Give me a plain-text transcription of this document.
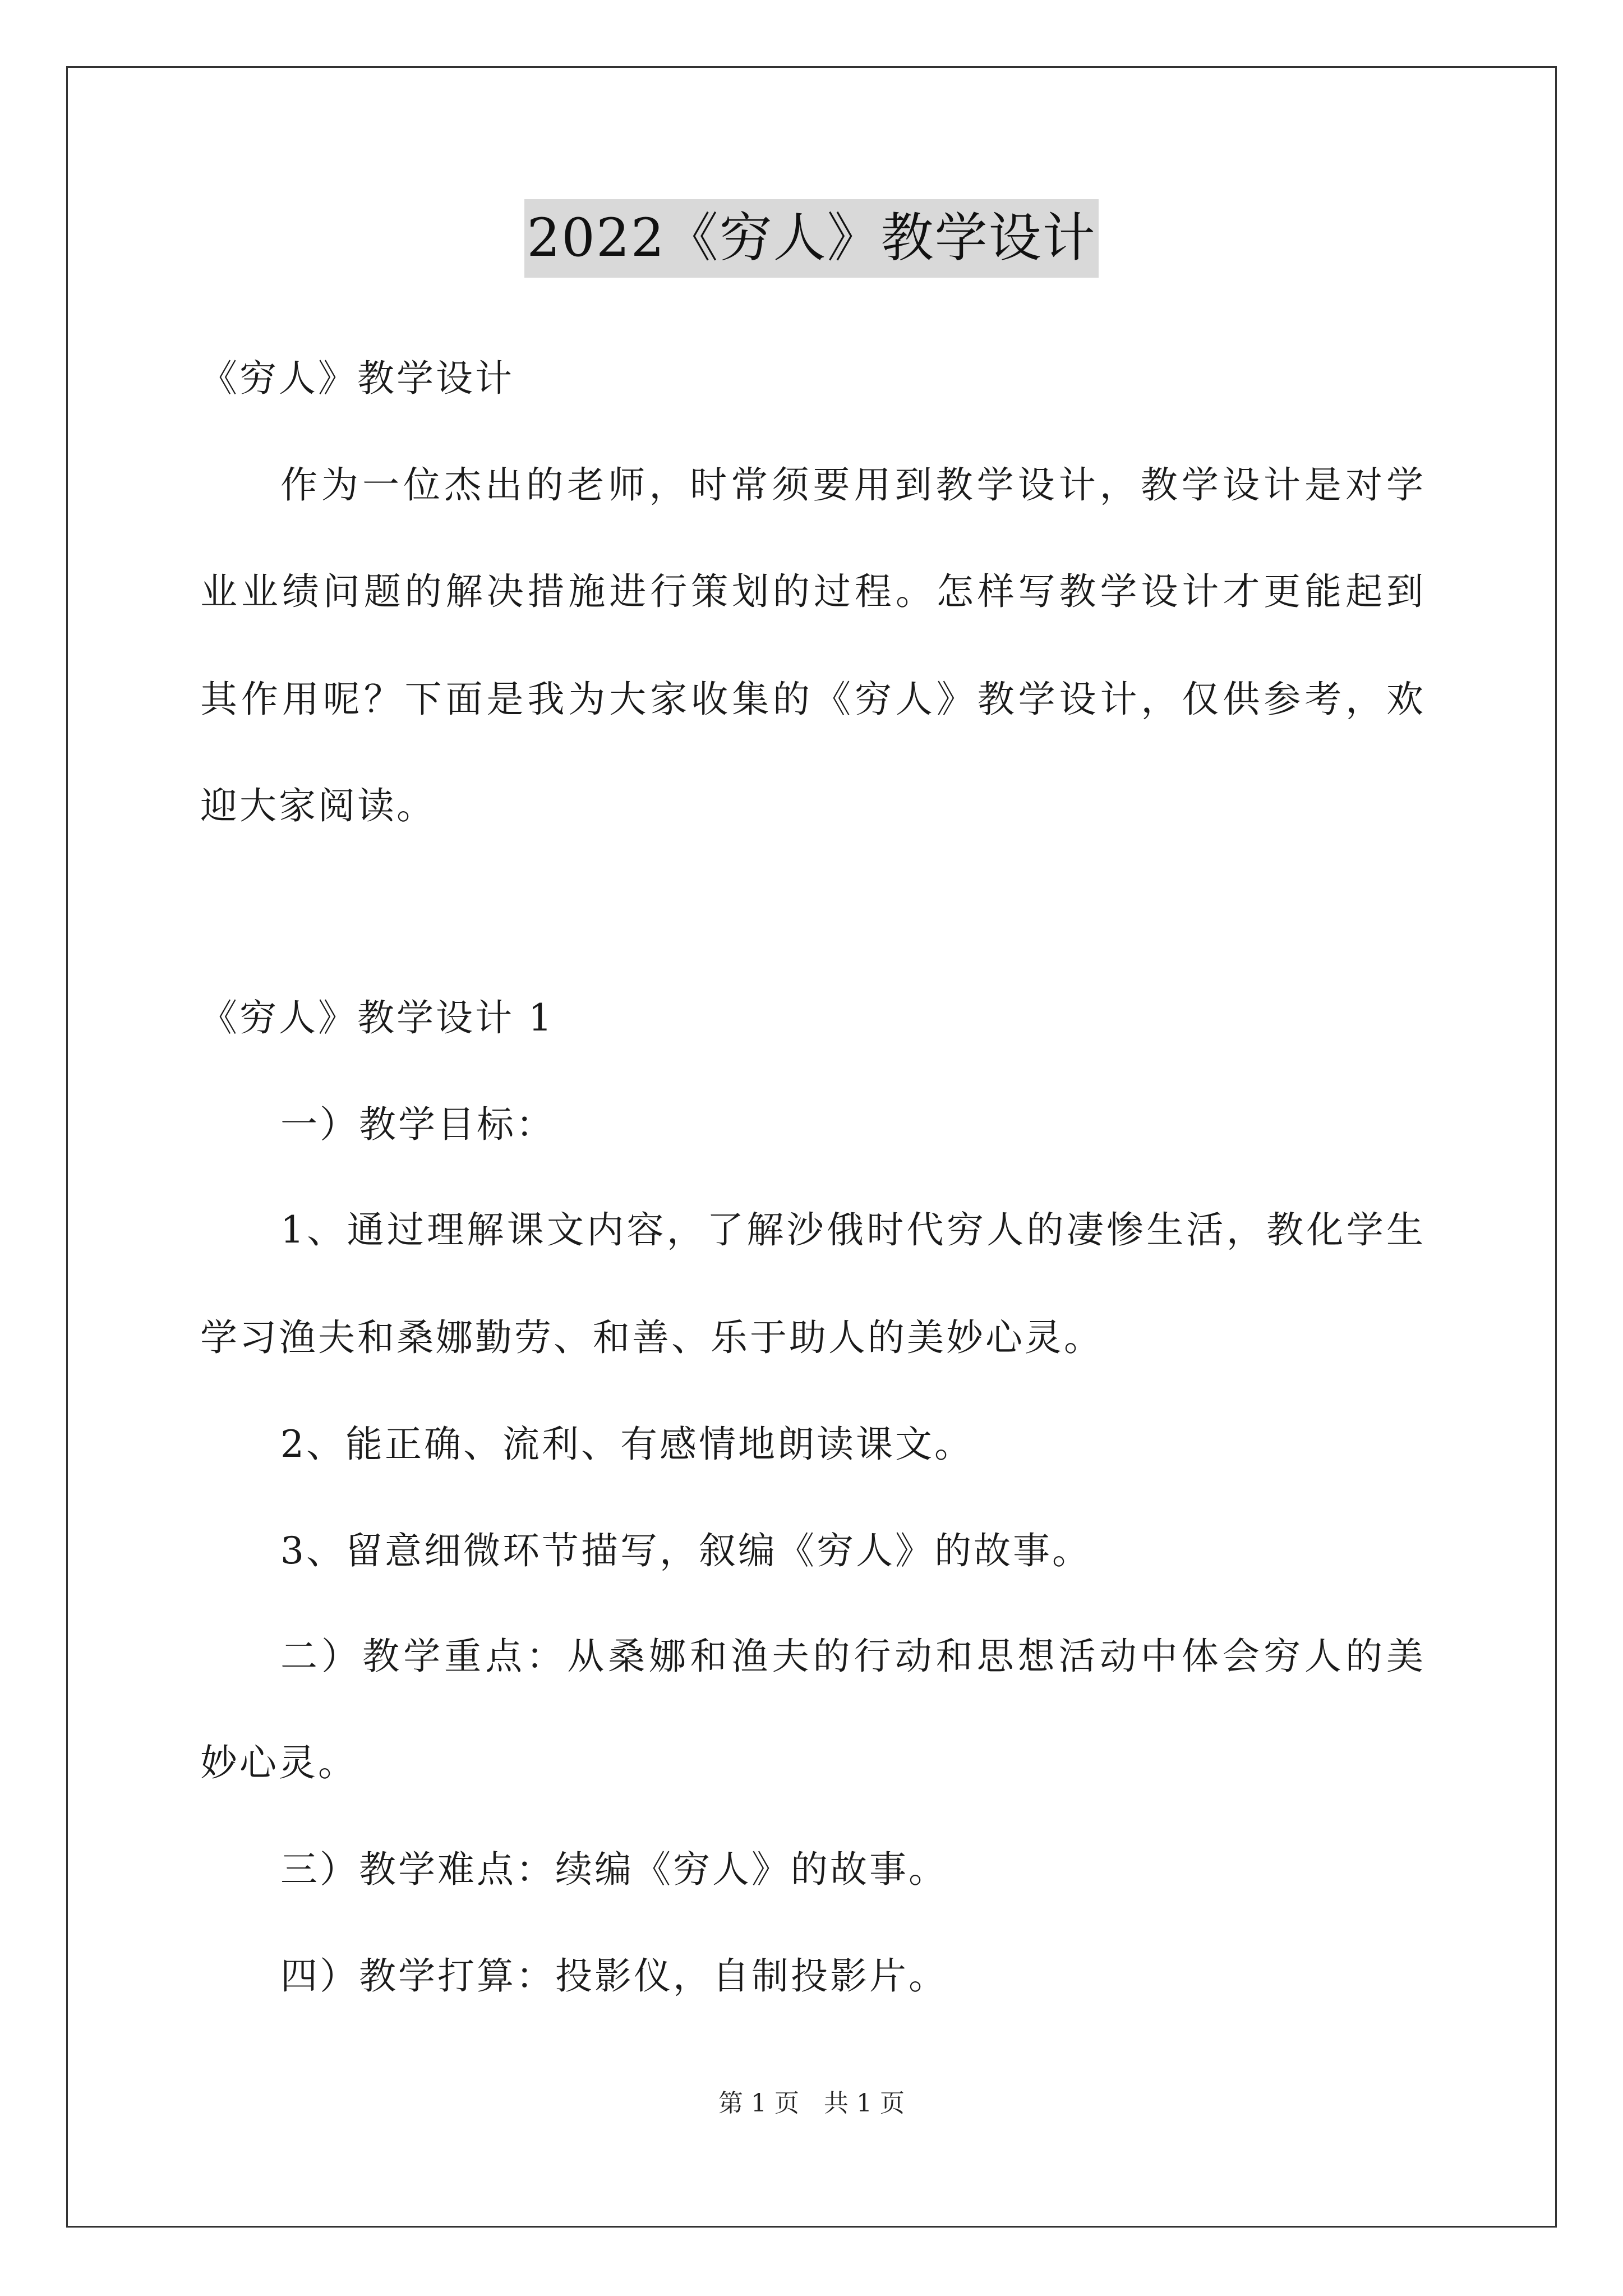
2022《穷人》教学设计
《穷人》教学设计
作为一位杰出的老师，时常须要用到教学设计，教学设计是对学
业业绩问题的解决措施进行策划的过程。怎样写教学设计才更能起到
其作用呢？下面是我为大家收集的《穷人》教学设计，仅供参考，欢
迎大家阅读。
《穷人》教学设计 1
一）教学目标：
1、通过理解课文内容，了解沙俄时代穷人的凄惨生活，教化学生
学习渔夫和桑娜勤劳、和善、乐于助人的美妙心灵。
2、能正确、流利、有感情地朗读课文。
3、留意细微环节描写，叙编《穷人》的故事。
二）教学重点：从桑娜和渔夫的行动和思想活动中体会穷人的美
妙心灵。
三）教学难点：续编《穷人》的故事。
四）教学打算：投影仪，自制投影片。
第 1 页　共 1 页
